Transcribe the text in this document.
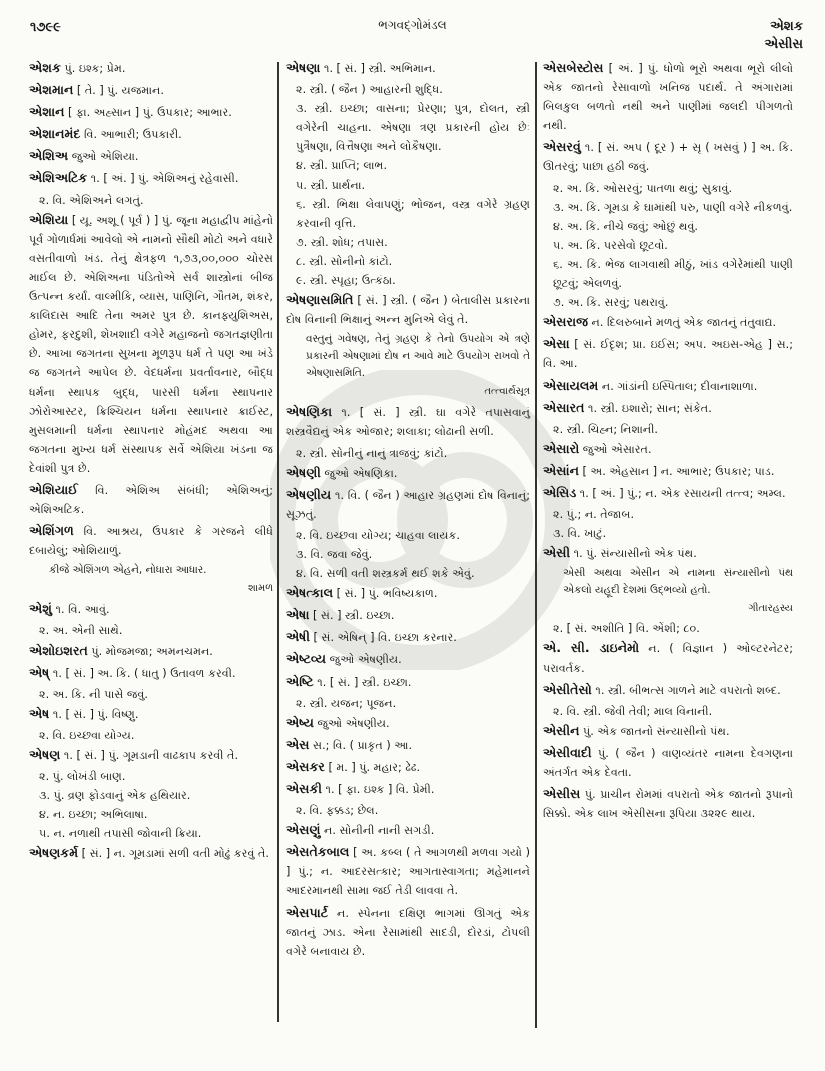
૧૭૯૯	ભગવદ્ગોમંડલ	એશક
એસીસ
એશક પું. ઇશ્ક; પ્રેમ.
એશમાન [ તે. ] પું. યજમાન.
એશાન [ ફા. અહ્સાન ] પું. ઉપકાર; આભાર.
એશાનમંદ વિ. આભારી; ઉપકારી.
એશિઅ જુઓ એશિયા.
એશિઅટિક ૧. [ અં. ] પું. એશિઅનું રહેવાસી.
૨. વિ. એશિઅને લગતું.
એશિયા [ યૂ. અશૂ ( પૂર્વ ) ] પું. જૂના મહાદ્વીપ માંહેનો પૂર્વ ગોળાર્ધમાં આવેલો એ નામનો સૌથી મોટો અને વધારે વસતીવાળો ખંડ. તેનું ક્ષેત્રફળ ૧,૭૩,૦૦,૦૦૦ ચોરસ માઈલ છે. એશિઅના પંડિતોએ સર્વ શાસ્ત્રોનાં બીજ ઉત્પન્ન કર્યાં. વાલ્મીકિ, વ્યાસ, પાણિનિ, ગૌતમ, શંકર, કાલિદાસ આદિ તેના અમર પુત્ર છે. કાનફ્યુશિઅસ, હોમર, ફરદુશી, શેખશાદી વગેરે મહાજનો જગતજ્ઞણીતા છે. આખા જગતના સુખના મૂળરૂપ ધર્મ તે પણ આ ખંડે જ જગતને આપેલ છે. વેદધર્મના પ્રવર્તાવનાર, બૌદ્ધ ધર્મના સ્થાપક બુદ્ધ, પારસી ધર્મના સ્થાપનાર ઝોરોઆસ્ટર, ક્રિશ્ચિયન ધર્મના સ્થાપનાર ક્રાઈસ્ટ, મુસલમાની ધર્મના સ્થાપનાર મોહંમદ અથવા આ જગતના મુખ્ય ધર્મ સંસ્થાપક સર્વે એશિયા ખંડના જ દેવાંશી પુત્ર છે.
એશિયાઈ વિ. એશિઅ સંબંધી; એશિઅનું; એશિઅટિક.
એશિંગળ વિ. આશ્રય, ઉપકાર કે ગરજને લીધે દબાયેલું; ઓશિયાળું.
કીજે એશિંગળ એહને, નોધારા આધાર.
શામળ
એશું ૧. વિ. આવું.
૨. અ. એની સાથે.
એશોઇશરત પું. મોજમજા; અમનચમન.
એષ્ ૧. [ સં. ] અ. કિ. ( ધાતુ ) ઉતાવળ કરવી.
૨. અ. કિ. ની પાસે જવું.
એષ ૧. [ સં. ] પું. વિષ્ણુ.
૨. વિ. ઇચ્છવા યોગ્ય.
એષણ ૧. [ સં. ] પું. ગૂમડાની વાઢકાપ કરવી તે.
૨. પું. લોખંડી બાણ.
૩. પું. વ્રણ ફોડવાનું એક હથિયાર.
૪. ન. ઇચ્છા; અભિલાષા.
૫. ન. નળાથી તપાસી જોવાની ક્રિયા.
એષણકર્મ [ સં. ] ન. ગૂમડામાં સળી વતી મોઢું કરવું તે.
એષણા ૧. [ સં. ] સ્ત્રી. અભિમાન.
૨. સ્ત્રી. ( જૈન ) આહારની શુદ્ધિ.
૩. સ્ત્રી. ઇચ્છા; વાસના; પ્રેરણા; પુત્ર, દોલત, સ્ત્રી વગેરેની ચાહના. એષણા ત્રણ પ્રકારની હોય છેઃ પુત્રૈષણા, વિત્તૈષણા અને લોકૈષણા.
૪. સ્ત્રી. પ્રાપ્તિ; લાભ.
૫. સ્ત્રી. પ્રાર્થના.
૬. સ્ત્રી. ભિક્ષા લેવાપણું; ભોજન, વસ્ત્ર વગેરે ગ્રહણ કરવાની વૃત્તિ.
૭. સ્ત્રી. શોધ; તપાસ.
૮. સ્ત્રી. સોનીનો કાંટો.
૯. સ્ત્રી. સ્પૃહા; ઉત્કંઠા.
એષણાસમિતિ [ સં. ] સ્ત્રી. ( જૈન ) બેતાલીસ પ્રકારના દોષ વિનાની ભિક્ષાનું અન્ન મુનિએ લેવું તે.
વસ્તુનું ગવેષણ, તેનું ગ્રહણ કે તેનો ઉપયોગ એ ત્રણે પ્રકારની એષણામાં દોષ ન આવે માટે ઉપયોગ રાખવો તે એષણાસમિતિ.
તત્ત્વાર્થસૂત્ર
એષણિકા ૧. [ સં. ] સ્ત્રી. ઘા વગેરે તપાસવાનું શસ્ત્રવૈદ્યનું એક ઓજાર; શલાકા; લોઢાની સળી.
૨. સ્ત્રી. સોનીનું નાનું ત્રાજવું; કાંટો.
એષણી જુઓ એષણિકા.
એષણીય ૧. વિ. ( જૈન ) આહાર ગ્રહણમાં દોષ વિનાનું; સૂઝતું.
૨. વિ. ઇચ્છવા યોગ્ય; ચાહવા લાયક.
૩. વિ. જવા જેવું.
૪. વિ. સળી વતી શસ્ત્રકર્મ થઈ શકે એવું.
એષત્કાલ [ સં. ] પું. ભવિષ્યકાળ.
એષા [ સં. ] સ્ત્રી. ઇચ્છા.
એષી [ સં. એષિન્ ] વિ. ઇચ્છા કરનાર.
એષ્ટવ્ય જુઓ એષણીય.
એષ્ટિ ૧. [ સં. ] સ્ત્રી. ઇચ્છા.
૨. સ્ત્રી. યજન; પૂજન.
એષ્ય જુઓ એષણીય.
એસ સ.; વિ. ( પ્રાકૃત ) આ.
એસકર [ મ. ] પું. મહાર; ઢેઢ.
એસકી ૧. [ ફા. ઇશ્ક ] વિ. પ્રેમી.
૨. વિ. ફક્કડ; છેલ.
એસણું ન. સોનીની નાની સગડી.
એસતેકબાલ [ અ. કબ્લ ( તે આગળથી મળવા ગયો ) ] પું.; ન. આદરસત્કાર; આગતાસ્વાગતા; મહેમાનને આદરમાનથી સામા જઈ તેડી લાવવા તે.
એસપાર્ટ ન. સ્પેનના દક્ષિણ ભાગમાં ઊગતું એક જાતનું ઝાડ. એના રેસામાંથી સાદડી, દોરડાં, ટોપલી વગેરે બનાવાય છે.
એસબેસ્ટોસ [ અં. ] પું. ધોળો ભૂરો અથવા ભૂરો લીલો એક જાતનો રેસાવાળો ખનિજ પદાર્થ. તે અંગારામાં બિલકુલ બળતો નથી અને પાણીમાં જલદી પીગળતો નથી.
એસરવું ૧. [ સં. અપ ( દૂર ) + સૃ ( ખસવું ) ] અ. કિ. ઊતરવું; પાછા હઠી જવું.
૨. અ. કિ. ઓસરવું; પાતળા થવું; સુકાવું.
૩. અ. કિ. ગૂમડા કે ઘામાંથી પરુ, પાણી વગેરે નીકળવું.
૪. અ. કિ. નીચે જવું; ઓછું થવું.
૫. અ. કિ. પરસેવો છૂટવો.
૬. અ. કિ. ભેજ લાગવાથી મીઠું, ખાંડ વગેરેમાંથી પાણી છૂટવું; એલળવું.
૭. અ. કિ. સરવું; પથરાવું.
એસરાજ ન. દિલરુબાને મળતું એક જાતનું તંતુવાદ્ય.
એસા [ સં. ઈદૃશ; પ્રા. ઇઈસ; અપ. અઇસ-એહ ] સ.; વિ. આ.
એસાયલમ ન. ગાંડાંની ઇસ્પિતાલ; દીવાનાશાળા.
એસારત ૧. સ્ત્રી. ઇશારો; સાન; સંકેત.
૨. સ્ત્રી. ચિહ્ન; નિશાની.
એસારો જુઓ એસારત.
એસાંન [ અ. એહસાન ] ન. આભાર; ઉપકાર; પાડ.
એસિડ ૧. [ અં. ] પું.; ન. એક રસાયની તત્ત્વ; અમ્લ.
૨. પું.; ન. તેજાબ.
૩. વિ. ખાટું.
એસી ૧. પું. સંન્યાસીનો એક પંથ.
એસી અથવા એસીન એ નામના સંન્યાસીનો પંથ એકલો યહૂદી દેશમાં ઉદ્ભવ્યો હતો.
ગીતારહસ્ય
૨. [ સં. અશીતિ ] વિ. એંશી; ૮૦.
એ. સી. ડાઇનેમો ન. ( વિજ્ઞાન ) ઓલ્ટરનેટર; પરાવર્તક.
એસીતેસો ૧. સ્ત્રી. બીભત્સ ગાળને માટે વપરાતો શબ્દ.
૨. વિ. સ્ત્રી. જેવી તેવી; માલ વિનાની.
એસીન પું. એક જાતનો સંન્યાસીનો પંથ.
એસીવાદી પું. ( જૈન ) વાણવ્યંતર નામના દેવગણના અંતર્ગત એક દેવતા.
એસીસ પું. પ્રાચીન રોમમાં વપરાતો એક જાતનો રૂપાનો સિક્કો. એક લાખ એસીસના રૂપિયા ૩૨૨૯ થાય.
